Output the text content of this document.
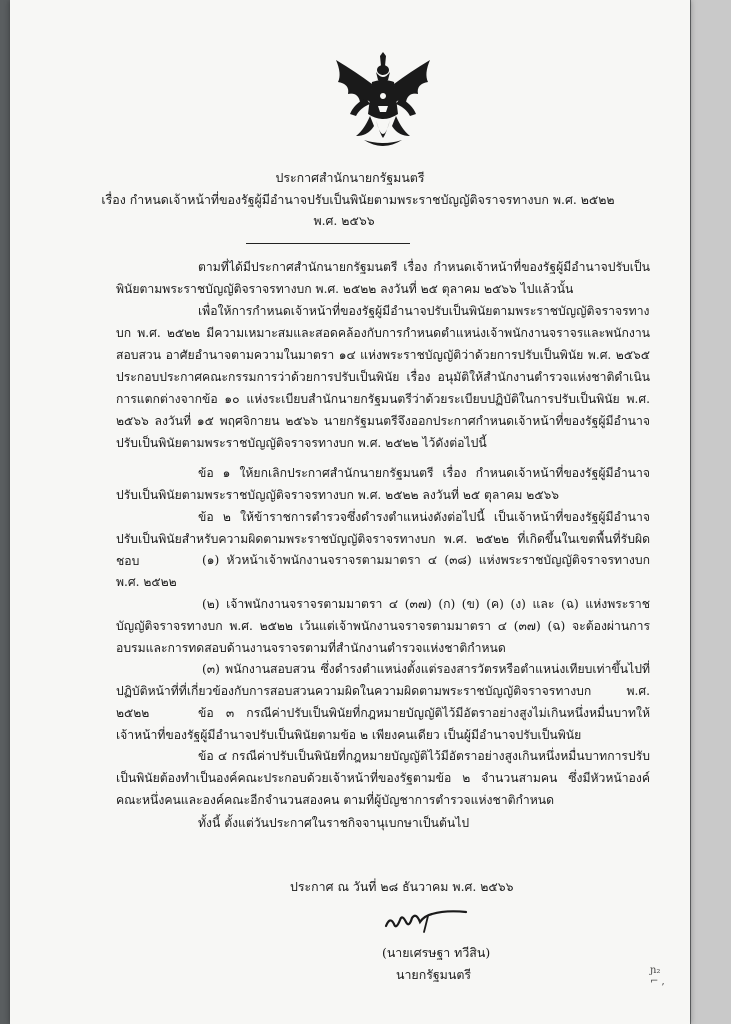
ประกาศสำนักนายกรัฐมนตรี
เรื่อง กำหนดเจ้าหน้าที่ของรัฐผู้มีอำนาจปรับเป็นพินัยตามพระราชบัญญัติจราจรทางบก พ.ศ. ๒๕๒๒
พ.ศ. ๒๕๖๖
ตามที่ได้มีประกาศสำนักนายกรัฐมนตรี เรื่อง กำหนดเจ้าหน้าที่ของรัฐผู้มีอำนาจปรับเป็นพินัยตามพระราชบัญญัติจราจรทางบก พ.ศ. ๒๕๒๒ ลงวันที่ ๒๕ ตุลาคม ๒๕๖๖ ไปแล้วนั้น
เพื่อให้การกำหนดเจ้าหน้าที่ของรัฐผู้มีอำนาจปรับเป็นพินัยตามพระราชบัญญัติจราจรทางบก พ.ศ. ๒๕๒๒ มีความเหมาะสมและสอดคล้องกับการกำหนดตำแหน่งเจ้าพนักงานจราจรและพนักงานสอบสวน อาศัยอำนาจตามความในมาตรา ๑๔ แห่งพระราชบัญญัติว่าด้วยการปรับเป็นพินัย พ.ศ. ๒๕๖๕ ประกอบประกาศคณะกรรมการว่าด้วยการปรับเป็นพินัย เรื่อง อนุมัติให้สำนักงานตำรวจแห่งชาติดำเนินการแตกต่างจากข้อ ๑๐ แห่งระเบียบสำนักนายกรัฐมนตรีว่าด้วยระเบียบปฏิบัติในการปรับเป็นพินัย พ.ศ. ๒๕๖๖ ลงวันที่ ๑๕ พฤศจิกายน ๒๕๖๖ นายกรัฐมนตรีจึงออกประกาศกำหนดเจ้าหน้าที่ของรัฐผู้มีอำนาจปรับเป็นพินัยตามพระราชบัญญัติจราจรทางบก พ.ศ. ๒๕๒๒ ไว้ดังต่อไปนี้
ข้อ ๑ ให้ยกเลิกประกาศสำนักนายกรัฐมนตรี เรื่อง กำหนดเจ้าหน้าที่ของรัฐผู้มีอำนาจปรับเป็นพินัยตามพระราชบัญญัติจราจรทางบก พ.ศ. ๒๕๒๒ ลงวันที่ ๒๕ ตุลาคม ๒๕๖๖
ข้อ ๒ ให้ข้าราชการตำรวจซึ่งดำรงตำแหน่งดังต่อไปนี้ เป็นเจ้าหน้าที่ของรัฐผู้มีอำนาจปรับเป็นพินัยสำหรับความผิดตามพระราชบัญญัติจราจรทางบก พ.ศ. ๒๕๒๒ ที่เกิดขึ้นในเขตพื้นที่รับผิดชอบ	(๑) หัวหน้าเจ้าพนักงานจราจรตามมาตรา ๔ (๓๘) แห่งพระราชบัญญัติจราจรทางบก พ.ศ. ๒๕๒๒
(๒) เจ้าพนักงานจราจรตามมาตรา ๔ (๓๗) (ก) (ข) (ค) (ง) และ (ฉ) แห่งพระราชบัญญัติจราจรทางบก พ.ศ. ๒๕๒๒ เว้นแต่เจ้าพนักงานจราจรตามมาตรา ๔ (๓๗) (ฉ) จะต้องผ่านการอบรมและการทดสอบด้านงานจราจรตามที่สำนักงานตำรวจแห่งชาติกำหนด
(๓) พนักงานสอบสวน ซึ่งดำรงตำแหน่งตั้งแต่รองสารวัตรหรือตำแหน่งเทียบเท่าขึ้นไปที่ปฏิบัติหน้าที่ที่เกี่ยวข้องกับการสอบสวนความผิดในความผิดตามพระราชบัญญัติจราจรทางบก พ.ศ. ๒๕๒๒	ข้อ ๓ กรณีค่าปรับเป็นพินัยที่กฎหมายบัญญัติไว้มีอัตราอย่างสูงไม่เกินหนึ่งหมื่นบาทให้เจ้าหน้าที่ของรัฐผู้มีอำนาจปรับเป็นพินัยตามข้อ ๒ เพียงคนเดียว เป็นผู้มีอำนาจปรับเป็นพินัย
ข้อ ๔ กรณีค่าปรับเป็นพินัยที่กฎหมายบัญญัติไว้มีอัตราอย่างสูงเกินหนึ่งหมื่นบาทการปรับเป็นพินัยต้องทำเป็นองค์คณะประกอบด้วยเจ้าหน้าที่ของรัฐตามข้อ ๒ จำนวนสามคน ซึ่งมีหัวหน้าองค์คณะหนึ่งคนและองค์คณะอีกจำนวนสองคน ตามที่ผู้บัญชาการตำรวจแห่งชาติกำหนด
ทั้งนี้ ตั้งแต่วันประกาศในราชกิจจานุเบกษาเป็นต้นไป
ประกาศ ณ วันที่ ๒๘ ธันวาคม พ.ศ. ๒๕๖๖
(นายเศรษฐา ทวีสิน)
นายกรัฐมนตรี	ɲ₂
⌐ ,
